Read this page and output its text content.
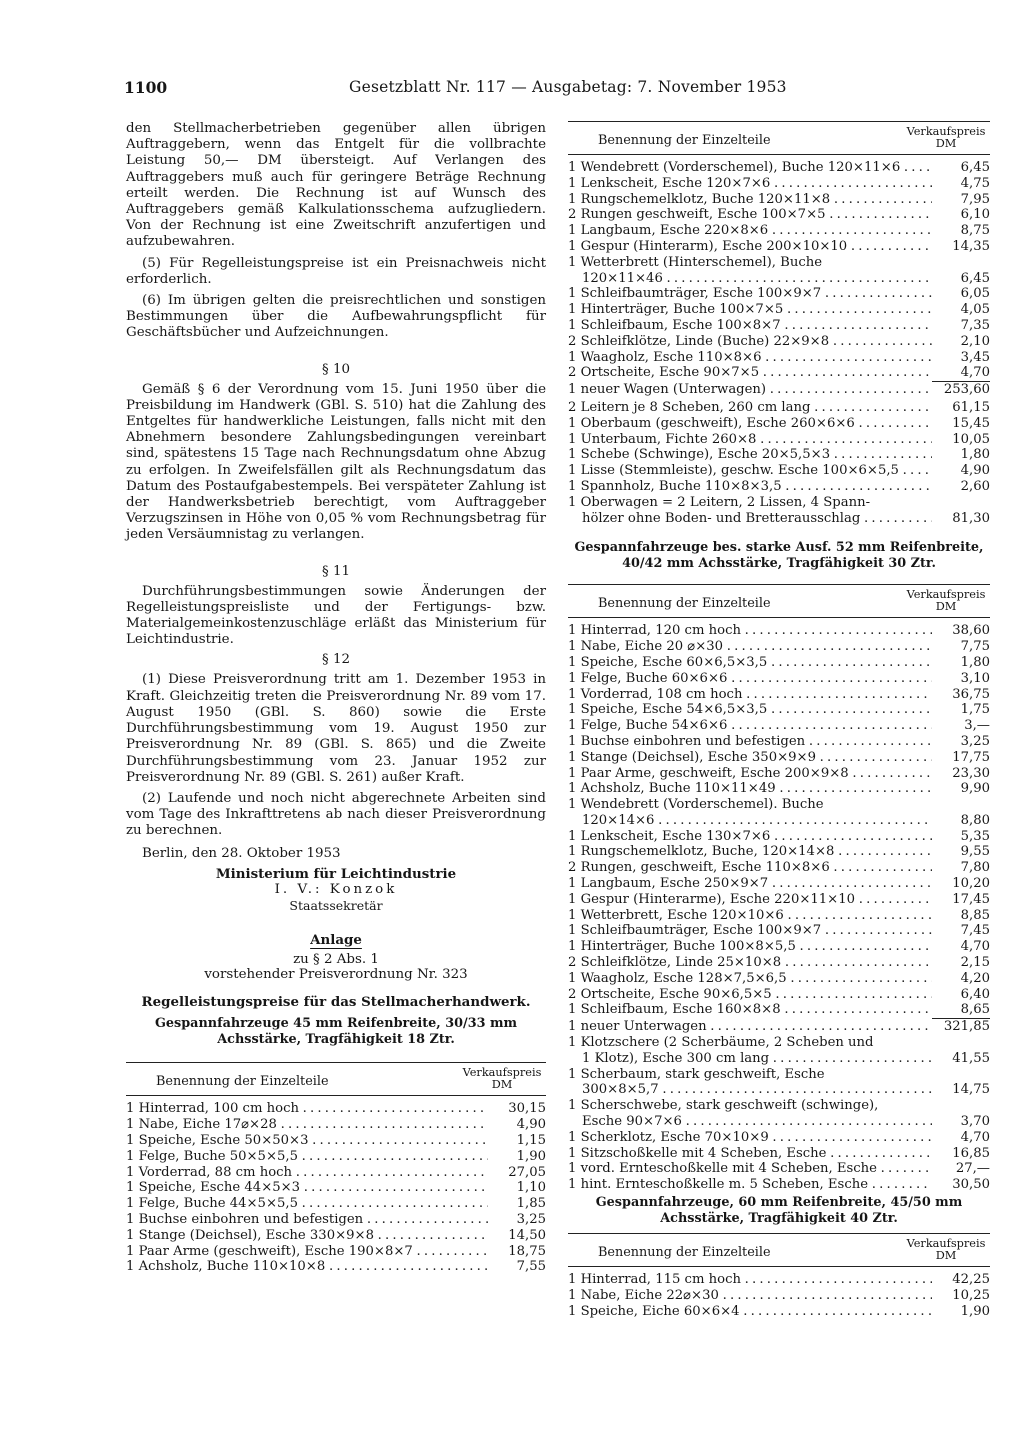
1100	Gesetzblatt Nr. 117 — Ausgabetag: 7. November 1953

den Stellmacherbetrieben gegenüber allen übrigen Auftraggebern, wenn das Entgelt für die vollbrachte Leistung 50,— DM übersteigt. Auf Verlangen des Auftraggebers muß auch für geringere Beträge Rechnung erteilt werden. Die Rechnung ist auf Wunsch des Auftraggebers gemäß Kalkulationsschema aufzugliedern. Von der Rechnung ist eine Zweitschrift anzufertigen und aufzubewahren.

(5) Für Regelleistungspreise ist ein Preisnachweis nicht erforderlich.

(6) Im übrigen gelten die preisrechtlichen und sonstigen Bestimmungen über die Aufbewahrungspflicht für Geschäftsbücher und Aufzeichnungen.

§ 10

Gemäß § 6 der Verordnung vom 15. Juni 1950 über die Preisbildung im Handwerk (GBl. S. 510) hat die Zahlung des Entgeltes für handwerkliche Leistungen, falls nicht mit den Abnehmern besondere Zahlungsbedingungen vereinbart sind, spätestens 15 Tage nach Rechnungsdatum ohne Abzug zu erfolgen. In Zweifelsfällen gilt als Rechnungsdatum das Datum des Postaufgabestempels. Bei verspäteter Zahlung ist der Handwerksbetrieb berechtigt, vom Auftraggeber Verzugszinsen in Höhe von 0,05 % vom Rechnungsbetrag für jeden Versäumnistag zu verlangen.

§ 11

Durchführungsbestimmungen sowie Änderungen der Regelleistungspreisliste und der Fertigungs- bzw. Materialgemeinkostenzuschläge erläßt das Ministerium für Leichtindustrie.

§ 12

(1) Diese Preisverordnung tritt am 1. Dezember 1953 in Kraft. Gleichzeitig treten die Preisverordnung Nr. 89 vom 17. August 1950 (GBl. S. 860) sowie die Erste Durchführungsbestimmung vom 19. August 1950 zur Preisverordnung Nr. 89 (GBl. S. 865) und die Zweite Durchführungsbestimmung vom 23. Januar 1952 zur Preisverordnung Nr. 89 (GBl. S. 261) außer Kraft.

(2) Laufende und noch nicht abgerechnete Arbeiten sind vom Tage des Inkrafttretens ab nach dieser Preisverordnung zu berechnen.

Berlin, den 28. Oktober 1953

Ministerium für Leichtindustrie
I. V.: Konzok
Staatssekretär
Anlage
zu § 2 Abs. 1
vorstehender Preisverordnung Nr. 323
Regelleistungspreise für das Stellmacherhandwerk.
Gespannfahrzeuge 45 mm Reifenbreite, 30/33 mm Achsstärke, Tragfähigkeit 18 Ztr.
Benennung der Einzelteile
Verkaufspreis
DM
1 Hinterrad, 100 cm hoch . . .	30,15
1 Nabe, Eiche 17⌀×28 . . .	4,90
1 Speiche, Esche 50×50×3 . . .	1,15
1 Felge, Buche 50×5×5,5 . . .	1,90
1 Vorderrad, 88 cm hoch . . .	27,05
1 Speiche, Esche 44×5×3 . . .	1,10
1 Felge, Buche 44×5×5,5 . . .	1,85
1 Buchse einbohren und befestigen . . .	3,25
1 Stange (Deichsel), Esche 330×9×8 . . .	14,50
1 Paar Arme (geschweift), Esche 190×8×7 . . .	18,75
1 Achsholz, Buche 110×10×8 . . .	7,55
Benennung der Einzelteile
Verkaufspreis
DM
1 Wendebrett (Vorderschemel), Buche 120×11×6 . . .	6,45
1 Lenkscheit, Esche 120×7×6 . . .	4,75
1 Rungschemelklotz, Buche 120×11×8 . . .	7,95
2 Rungen geschweift, Esche 100×7×5 . . .	6,10
1 Langbaum, Esche 220×8×6 . . .	8,75
1 Gespur (Hinterarm), Esche 200×10×10 . . .	14,35
1 Wetterbrett (Hinterschemel), Buche
120×11×46 . . .	6,45
1 Schleifbaumträger, Esche 100×9×7 . . .	6,05
1 Hinterträger, Buche 100×7×5 . . .	4,05
1 Schleifbaum, Esche 100×8×7 . . .	7,35
2 Schleifklötze, Linde (Buche) 22×9×8 . . .	2,10
1 Waagholz, Esche 110×8×6 . . .	3,45
2 Ortscheite, Esche 90×7×5 . . .	4,70
1 neuer Wagen (Unterwagen) . . .	253,60
2 Leitern je 8 Scheben, 260 cm lang . . .	61,15
1 Oberbaum (geschweift), Esche 260×6×6 . . .	15,45
1 Unterbaum, Fichte 260×8 . . .	10,05
1 Schebe (Schwinge), Esche 20×5,5×3 . . .	1,80
1 Lisse (Stemmleiste), geschw. Esche 100×6×5,5 . . .	4,90
1 Spannholz, Buche 110×8×3,5 . . .	2,60
1 Oberwagen = 2 Leitern, 2 Lissen, 4 Spann-
hölzer ohne Boden- und Bretterausschlag . . .	81,30
Gespannfahrzeuge bes. starke Ausf. 52 mm Reifenbreite, 40/42 mm Achsstärke, Tragfähigkeit 30 Ztr.
Benennung der Einzelteile
Verkaufspreis
DM
1 Hinterrad, 120 cm hoch . . .	38,60
1 Nabe, Eiche 20 ⌀×30 . . .	7,75
1 Speiche, Esche 60×6,5×3,5 . . .	1,80
1 Felge, Buche 60×6×6 . . .	3,10
1 Vorderrad, 108 cm hoch . . .	36,75
1 Speiche, Esche 54×6,5×3,5 . . .	1,75
1 Felge, Buche 54×6×6 . . .	3,—
1 Buchse einbohren und befestigen . . .	3,25
1 Stange (Deichsel), Esche 350×9×9 . . .	17,75
1 Paar Arme, geschweift, Esche 200×9×8 . . .	23,30
1 Achsholz, Buche 110×11×49 . . .	9,90
1 Wendebrett (Vorderschemel). Buche
120×14×6 . . .	8,80
1 Lenkscheit, Esche 130×7×6 . . .	5,35
1 Rungschemelklotz, Buche, 120×14×8 . . .	9,55
2 Rungen, geschweift, Esche 110×8×6 . . .	7,80
1 Langbaum, Esche 250×9×7 . . .	10,20
1 Gespur (Hinterarme), Esche 220×11×10 . . .	17,45
1 Wetterbrett, Esche 120×10×6 . . .	8,85
1 Schleifbaumträger, Esche 100×9×7 . . .	7,45
1 Hinterträger, Buche 100×8×5,5 . . .	4,70
2 Schleifklötze, Linde 25×10×8 . . .	2,15
1 Waagholz, Esche 128×7,5×6,5 . . .	4,20
2 Ortscheite, Esche 90×6,5×5 . . .	6,40
1 Schleifbaum, Esche 160×8×8 . . .	8,65
1 neuer Unterwagen . . .	321,85
1 Klotzschere (2 Scherbäume, 2 Scheben und
1 Klotz), Esche 300 cm lang . . .	41,55
1 Scherbaum, stark geschweift, Esche
300×8×5,7 . . .	14,75
1 Scherschwebe, stark geschweift (schwinge),
Esche 90×7×6 . . .	3,70
1 Scherklotz, Esche 70×10×9 . . .	4,70
1 Sitzschoßkelle mit 4 Scheben, Esche . . .	16,85
1 vord. Ernteschoßkelle mit 4 Scheben, Esche . . .	27,—
1 hint. Ernteschoßkelle m. 5 Scheben, Esche . . .	30,50
Gespannfahrzeuge, 60 mm Reifenbreite, 45/50 mm Achsstärke, Tragfähigkeit 40 Ztr.
Benennung der Einzelteile
Verkaufspreis
DM
1 Hinterrad, 115 cm hoch . . .	42,25
1 Nabe, Eiche 22⌀×30 . . .	10,25
1 Speiche, Eiche 60×6×4 . . .	1,90
